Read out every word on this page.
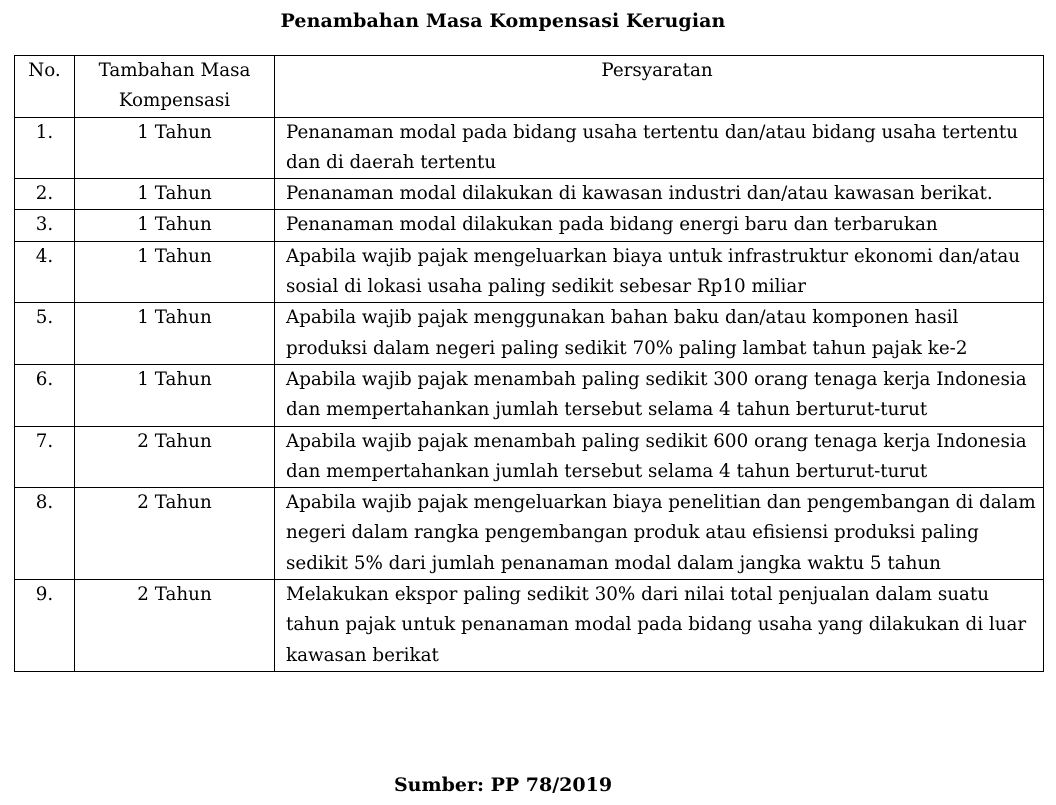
Penambahan Masa Kompensasi Kerugian
No.	Tambahan Masa Kompensasi	Persyaratan
1.	1 Tahun	Penanaman modal pada bidang usaha tertentu dan/atau bidang usaha tertentu dan di daerah tertentu
2.	1 Tahun	Penanaman modal dilakukan di kawasan industri dan/atau kawasan berikat.
3.	1 Tahun	Penanaman modal dilakukan pada bidang energi baru dan terbarukan
4.	1 Tahun	Apabila wajib pajak mengeluarkan biaya untuk infrastruktur ekonomi dan/atau sosial di lokasi usaha paling sedikit sebesar Rp10 miliar
5.	1 Tahun	Apabila wajib pajak menggunakan bahan baku dan/atau komponen hasil produksi dalam negeri paling sedikit 70% paling lambat tahun pajak ke-2
6.	1 Tahun	Apabila wajib pajak menambah paling sedikit 300 orang tenaga kerja Indonesia dan mempertahankan jumlah tersebut selama 4 tahun berturut-turut
7.	2 Tahun	Apabila wajib pajak menambah paling sedikit 600 orang tenaga kerja Indonesia dan mempertahankan jumlah tersebut selama 4 tahun berturut-turut
8.	2 Tahun	Apabila wajib pajak mengeluarkan biaya penelitian dan pengembangan di dalam negeri dalam rangka pengembangan produk atau efisiensi produksi paling sedikit 5% dari jumlah penanaman modal dalam jangka waktu 5 tahun
9.	2 Tahun	Melakukan ekspor paling sedikit 30% dari nilai total penjualan dalam suatu tahun pajak untuk penanaman modal pada bidang usaha yang dilakukan di luar kawasan berikat
Sumber: PP 78/2019
